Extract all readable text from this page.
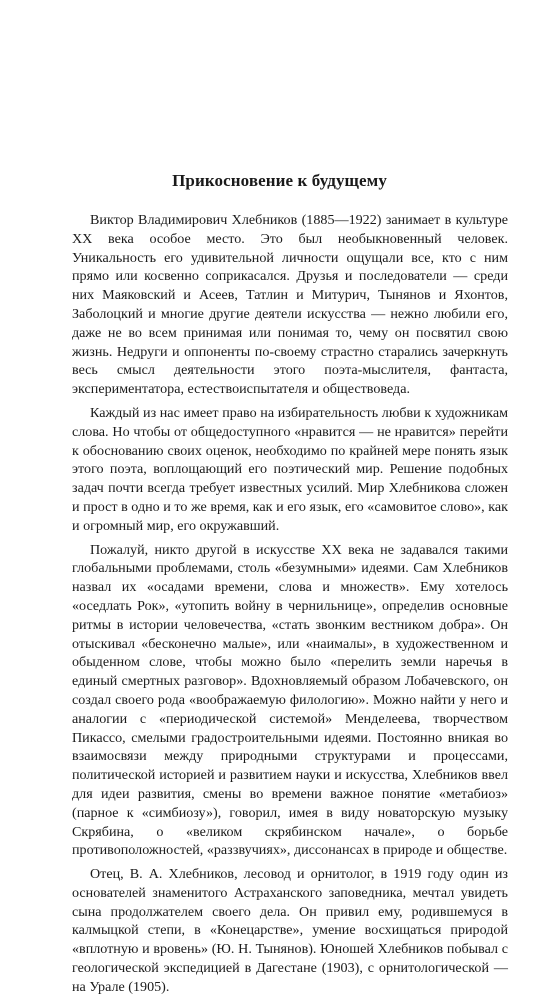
Прикосновение к будущему

Виктор Владимирович Хлебников (1885—1922) занимает в культуре XX века особое место. Это был необыкновенный человек. Уникальность его удивительной личности ощущали все, кто с ним прямо или косвенно соприкасался. Друзья и последователи — среди них Маяковский и Асеев, Татлин и Митурич, Тынянов и Яхонтов, Заболоцкий и многие другие деятели искусства — нежно любили его, даже не во всем принимая или понимая то, чему он посвятил свою жизнь. Недруги и оппоненты по-своему страстно старались зачеркнуть весь смысл деятельности этого поэта-мыслителя, фантаста, экспериментатора, естествоиспытателя и обществоведа.

Каждый из нас имеет право на избирательность любви к художникам слова. Но чтобы от общедоступного «нравится — не нравится» перейти к обоснованию своих оценок, необходимо по крайней мере понять язык этого поэта, воплощающий его поэтический мир. Решение подобных задач почти всегда требует известных усилий. Мир Хлебникова сложен и прост в одно и то же время, как и его язык, его «самовитое слово», как и огромный мир, его окружавший.

Пожалуй, никто другой в искусстве XX века не задавался такими глобальными проблемами, столь «безумными» идеями. Сам Хлебников назвал их «осадами времени, слова и множеств». Ему хотелось «оседлать Рок», «утопить войну в чернильнице», определив основные ритмы в истории человечества, «стать звонким вестником добра». Он отыскивал «бесконечно малые», или «наималы», в художественном и обыденном слове, чтобы можно было «перелить земли наречья в единый смертных разговор». Вдохновляемый образом Лобачевского, он создал своего рода «воображаемую филологию». Можно найти у него и аналогии с «периодической системой» Менделеева, творчеством Пикассо, смелыми градостроительными идеями. Постоянно вникая во взаимосвязи между природными структурами и процессами, политической историей и развитием науки и искусства, Хлебников ввел для идеи развития, смены во времени важное понятие «метабиоз» (парное к «симбиозу»), говорил, имея в виду новаторскую музыку Скрябина, о «великом скрябинском начале», о борьбе противоположностей, «раззвучиях», диссонансах в природе и обществе.

Отец, В. А. Хлебников, лесовод и орнитолог, в 1919 году один из основателей знаменитого Астраханского заповедника, мечтал увидеть сына продолжателем своего дела. Он привил ему, родившемуся в калмыцкой степи, в «Конецарстве», умение восхищаться природой «вплотную и вровень» (Ю. Н. Тынянов). Юношей Хлебников побывал с геологической экспедицией в Дагестане (1903), с орнитологической — на Урале (1905).
